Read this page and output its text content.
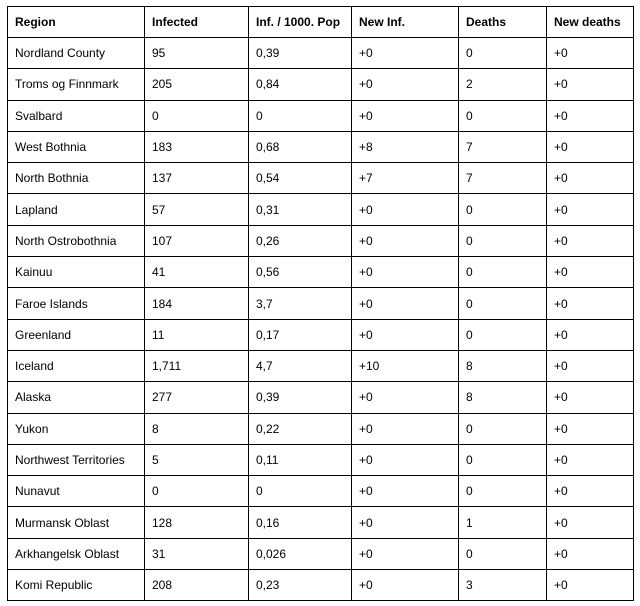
Region	Infected	Inf. / 1000. Pop	New Inf.	Deaths	New deaths
Nordland County	95	0,39	+0	0	+0
Troms og Finnmark	205	0,84	+0	2	+0
Svalbard	0	0	+0	0	+0
West Bothnia	183	0,68	+8	7	+0
North Bothnia	137	0,54	+7	7	+0
Lapland	57	0,31	+0	0	+0
North Ostrobothnia	107	0,26	+0	0	+0
Kainuu	41	0,56	+0	0	+0
Faroe Islands	184	3,7	+0	0	+0
Greenland	11	0,17	+0	0	+0
Iceland	1,711	4,7	+10	8	+0
Alaska	277	0,39	+0	8	+0
Yukon	8	0,22	+0	0	+0
Northwest Territories	5	0,11	+0	0	+0
Nunavut	0	0	+0	0	+0
Murmansk Oblast	128	0,16	+0	1	+0
Arkhangelsk Oblast	31	0,026	+0	0	+0
Komi Republic	208	0,23	+0	3	+0
